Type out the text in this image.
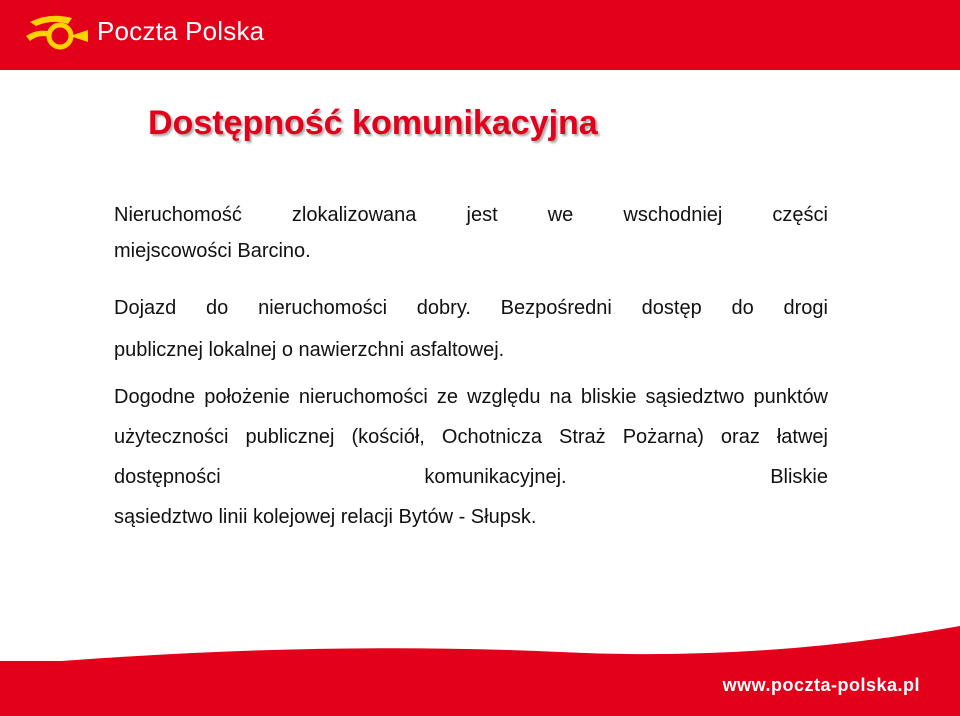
Poczta Polska
Dostępność komunikacyjna

Nieruchomość zlokalizowana jest we wschodniej części
miejscowości Barcino.

Dojazd do nieruchomości dobry. Bezpośredni dostęp do drogi
publicznej lokalnej o nawierzchni asfaltowej.

Dogodne położenie nieruchomości ze względu na bliskie sąsiedztwo punktów użyteczności publicznej (kościół, Ochotnicza Straż Pożarna) oraz łatwej dostępności komunikacyjnej. Bliskie
sąsiedztwo linii kolejowej relacji Bytów - Słupsk.

www.poczta-polska.pl
